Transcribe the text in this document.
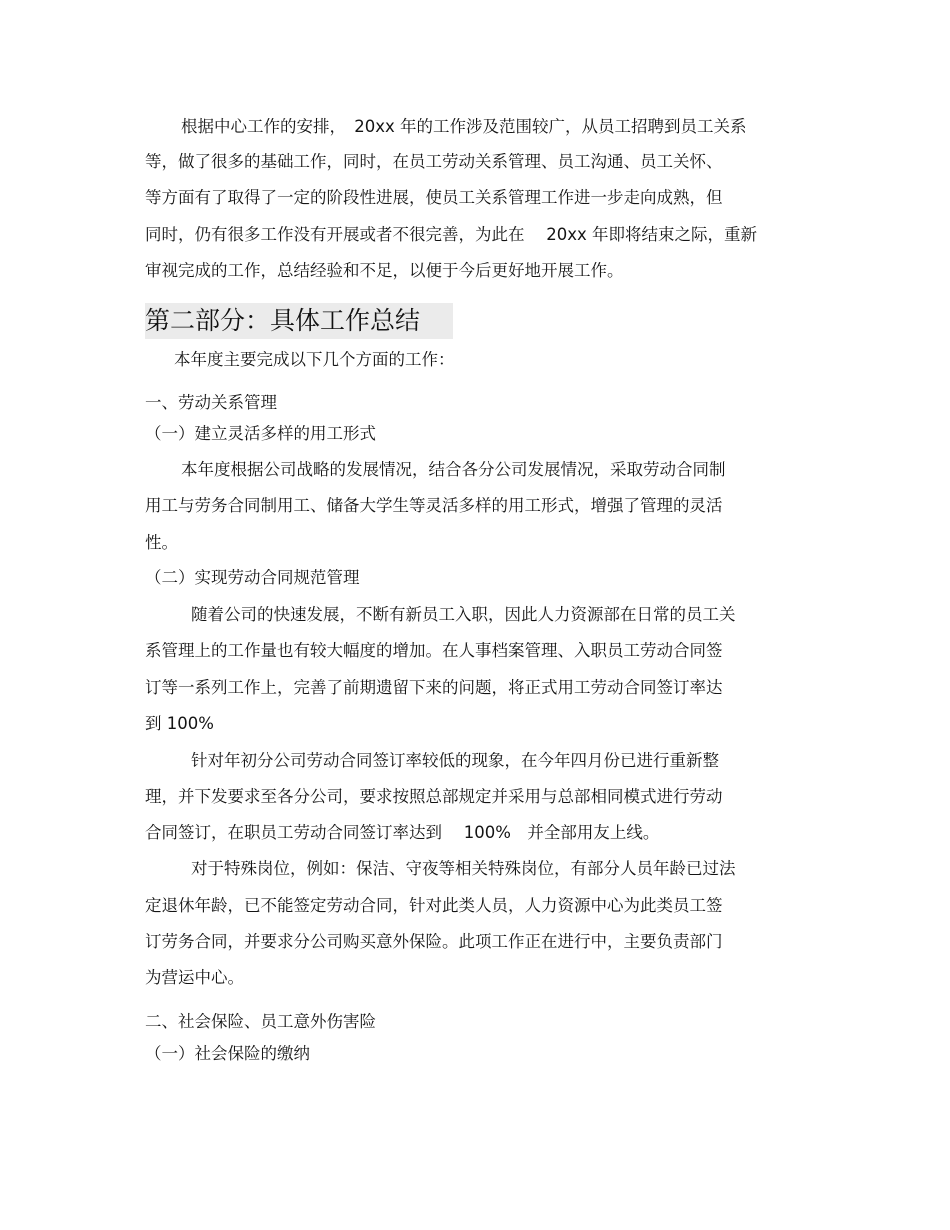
根据中心工作的安排，　20xx 年的工作涉及范围较广，从员工招聘到员工关系
等，做了很多的基础工作，同时，在员工劳动关系管理、员工沟通、员工关怀、
等方面有了取得了一定的阶段性进展，使员工关系管理工作进一步走向成熟，但
同时，仍有很多工作没有开展或者不很完善，为此在　 20xx 年即将结束之际，重新
审视完成的工作，总结经验和不足，以便于今后更好地开展工作。
第二部分：具体工作总结
本年度主要完成以下几个方面的工作：
一、劳动关系管理
（一）建立灵活多样的用工形式
本年度根据公司战略的发展情况，结合各分公司发展情况，采取劳动合同制
用工与劳务合同制用工、储备大学生等灵活多样的用工形式，增强了管理的灵活
性。
（二）实现劳动合同规范管理
随着公司的快速发展，不断有新员工入职，因此人力资源部在日常的员工关
系管理上的工作量也有较大幅度的增加。在人事档案管理、入职员工劳动合同签
订等一系列工作上，完善了前期遗留下来的问题，将正式用工劳动合同签订率达
到 100%
针对年初分公司劳动合同签订率较低的现象，在今年四月份已进行重新整
理，并下发要求至各分公司，要求按照总部规定并采用与总部相同模式进行劳动
合同签订，在职员工劳动合同签订率达到　 100%　并全部用友上线。
对于特殊岗位，例如：保洁、守夜等相关特殊岗位，有部分人员年龄已过法
定退休年龄，已不能签定劳动合同，针对此类人员，人力资源中心为此类员工签
订劳务合同，并要求分公司购买意外保险。此项工作正在进行中，主要负责部门
为营运中心。
二、社会保险、员工意外伤害险
（一）社会保险的缴纳
